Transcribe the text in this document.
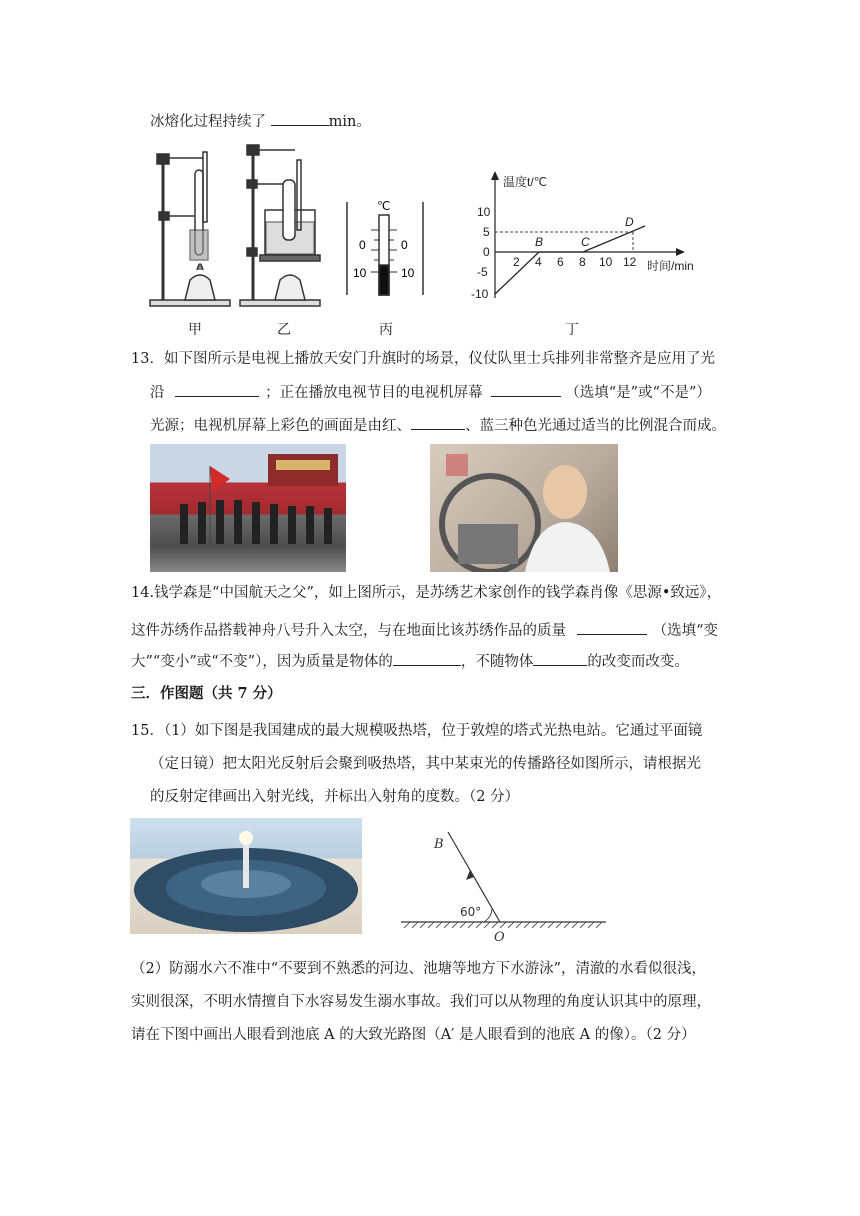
冰熔化过程持续了	min。
℃
0
10
0
10
温度t/℃
时间/min
10
5
0
-5
-10
2 4 6 8 10 12
B	C
D
甲	乙	丙	丁
13．如下图所示是电视上播放天安门升旗时的场景，仪仗队里士兵排列非常整齐是应用了光
沿	；正在播放电视节目的电视机屏幕	（选填“是”或“不是”）
光源；电视机屏幕上彩色的画面是由红、	、蓝三种色光通过适当的比例混合而成。
14.钱学森是“中国航天之父”，如上图所示，是苏绣艺术家创作的钱学森肖像《思源•致远》，
这件苏绣作品搭载神舟八号升入太空，与在地面比该苏绣作品的质量	（选填“变
大”“变小”或“不变”），因为质量是物体的	，不随物体	的改变而改变。
三．作图题（共 7 分）
15．（1）如下图是我国建成的最大规模吸热塔，位于敦煌的塔式光热电站。它通过平面镜
（定日镜）把太阳光反射后会聚到吸热塔，其中某束光的传播路径如图所示，请根据光
的反射定律画出入射光线，并标出入射角的度数。（2 分）
B
O
60°
（2）防溺水六不准中“不要到不熟悉的河边、池塘等地方下水游泳”，清澈的水看似很浅，
实则很深，不明水情擅自下水容易发生溺水事故。我们可以从物理的角度认识其中的原理，
请在下图中画出人眼看到池底 A 的大致光路图（A′ 是人眼看到的池底 A 的像）。（2 分）
